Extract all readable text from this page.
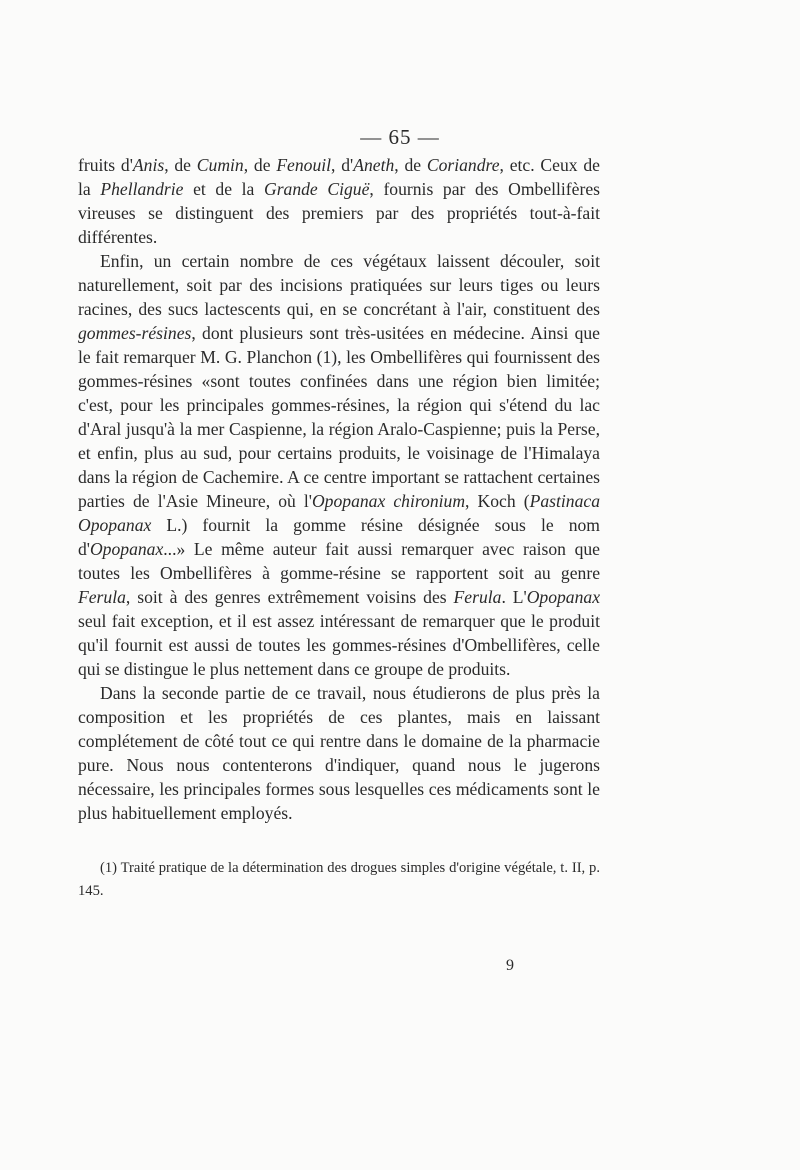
— 65 —

fruits d'Anis, de Cumin, de Fenouil, d'Aneth, de Coriandre, etc. Ceux de la Phellandrie et de la Grande Ciguë, fournis par des Ombellifères vireuses se distinguent des premiers par des propriétés tout-à-fait différentes.

Enfin, un certain nombre de ces végétaux laissent découler, soit naturellement, soit par des incisions pratiquées sur leurs tiges ou leurs racines, des sucs lactescents qui, en se concrétant à l'air, constituent des gommes-résines, dont plusieurs sont très-usitées en médecine. Ainsi que le fait remarquer M. G. Planchon (1), les Ombellifères qui fournissent des gommes-résines «sont toutes confinées dans une région bien limitée; c'est, pour les principales gommes-résines, la région qui s'étend du lac d'Aral jusqu'à la mer Caspienne, la région Aralo-Caspienne; puis la Perse, et enfin, plus au sud, pour certains produits, le voisinage de l'Himalaya dans la région de Cachemire. A ce centre important se rattachent certaines parties de l'Asie Mineure, où l'Opopanax chironium, Koch (Pastinaca Opopanax L.) fournit la gomme résine désignée sous le nom d'Opopanax...» Le même auteur fait aussi remarquer avec raison que toutes les Ombellifères à gomme-résine se rapportent soit au genre Ferula, soit à des genres extrêmement voisins des Ferula. L'Opopanax seul fait exception, et il est assez intéressant de remarquer que le produit qu'il fournit est aussi de toutes les gommes-résines d'Ombellifères, celle qui se distingue le plus nettement dans ce groupe de produits.

Dans la seconde partie de ce travail, nous étudierons de plus près la composition et les propriétés de ces plantes, mais en laissant complétement de côté tout ce qui rentre dans le domaine de la pharmacie pure. Nous nous contenterons d'indiquer, quand nous le jugerons nécessaire, les principales formes sous lesquelles ces médicaments sont le plus habituellement employés.

(1) Traité pratique de la détermination des drogues simples d'origine végétale, t. II, p. 145.

9
